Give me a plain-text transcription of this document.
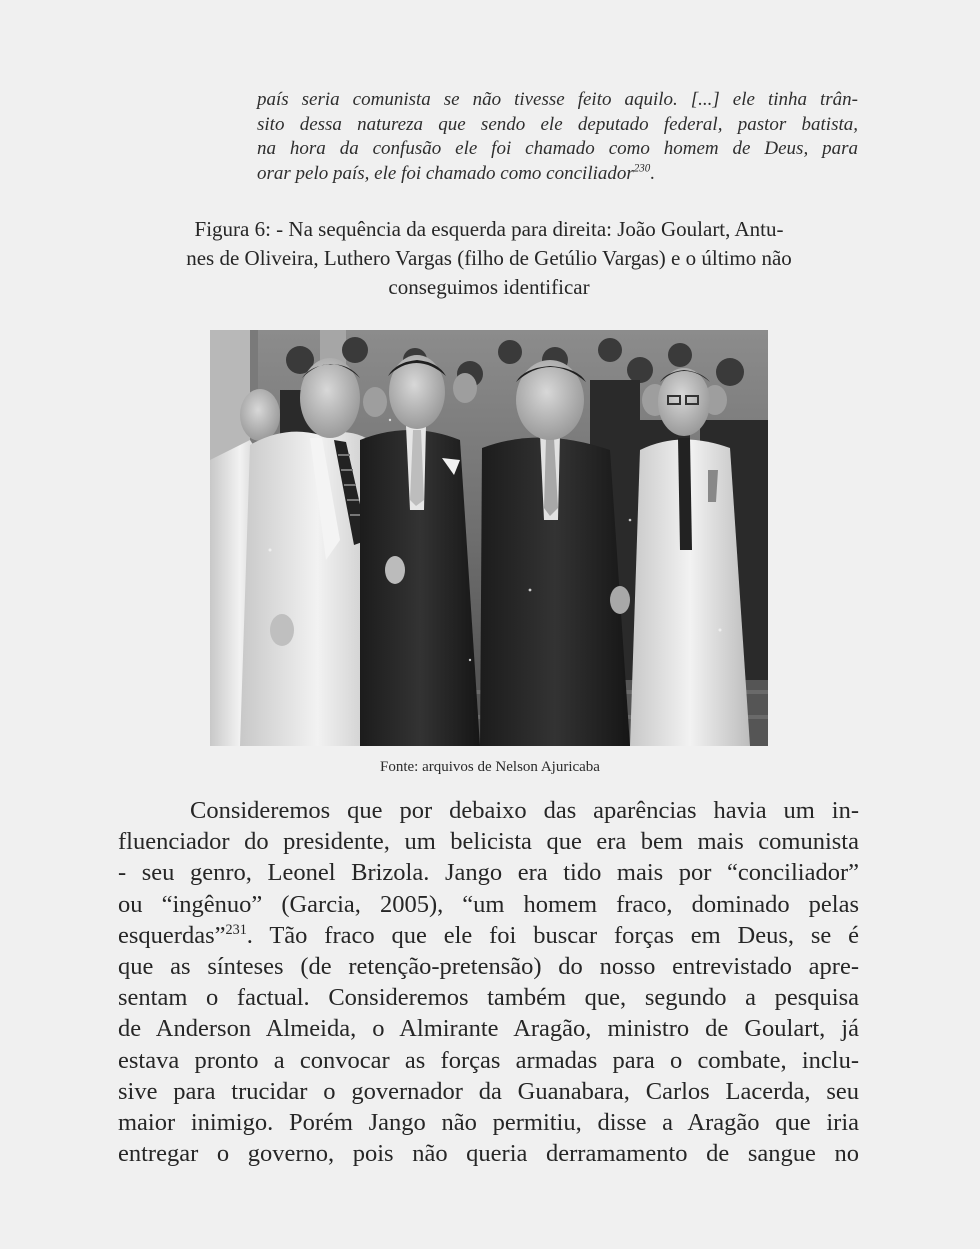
país seria comunista se não tivesse feito aquilo. [...] ele tinha trân-
sito dessa natureza que sendo ele deputado federal, pastor batista,
na hora da confusão ele foi chamado como homem de Deus, para
orar pelo país, ele foi chamado como conciliador$^{230}$.
Figura 6: - Na sequência da esquerda para direita: João Goulart, Antu-
nes de Oliveira, Luthero Vargas (filho de Getúlio Vargas) e o último não
conseguimos identificar
Fonte: arquivos de Nelson Ajuricaba
Consideremos que por debaixo das aparências havia um in-
fluenciador do presidente, um belicista que era bem mais comunista
- seu genro, Leonel Brizola. Jango era tido mais por “conciliador”
ou “ingênuo” (Garcia, 2005), “um homem fraco, dominado pelas
esquerdas”$^{231}$. Tão fraco que ele foi buscar forças em Deus, se é
que as sínteses (de retenção-pretensão) do nosso entrevistado apre-
sentam o factual. Consideremos também que, segundo a pesquisa
de Anderson Almeida, o Almirante Aragão, ministro de Goulart, já
estava pronto a convocar as forças armadas para o combate, inclu-
sive para trucidar o governador da Guanabara, Carlos Lacerda, seu
maior inimigo. Porém Jango não permitiu, disse a Aragão que iria
entregar o governo, pois não queria derramamento de sangue no
